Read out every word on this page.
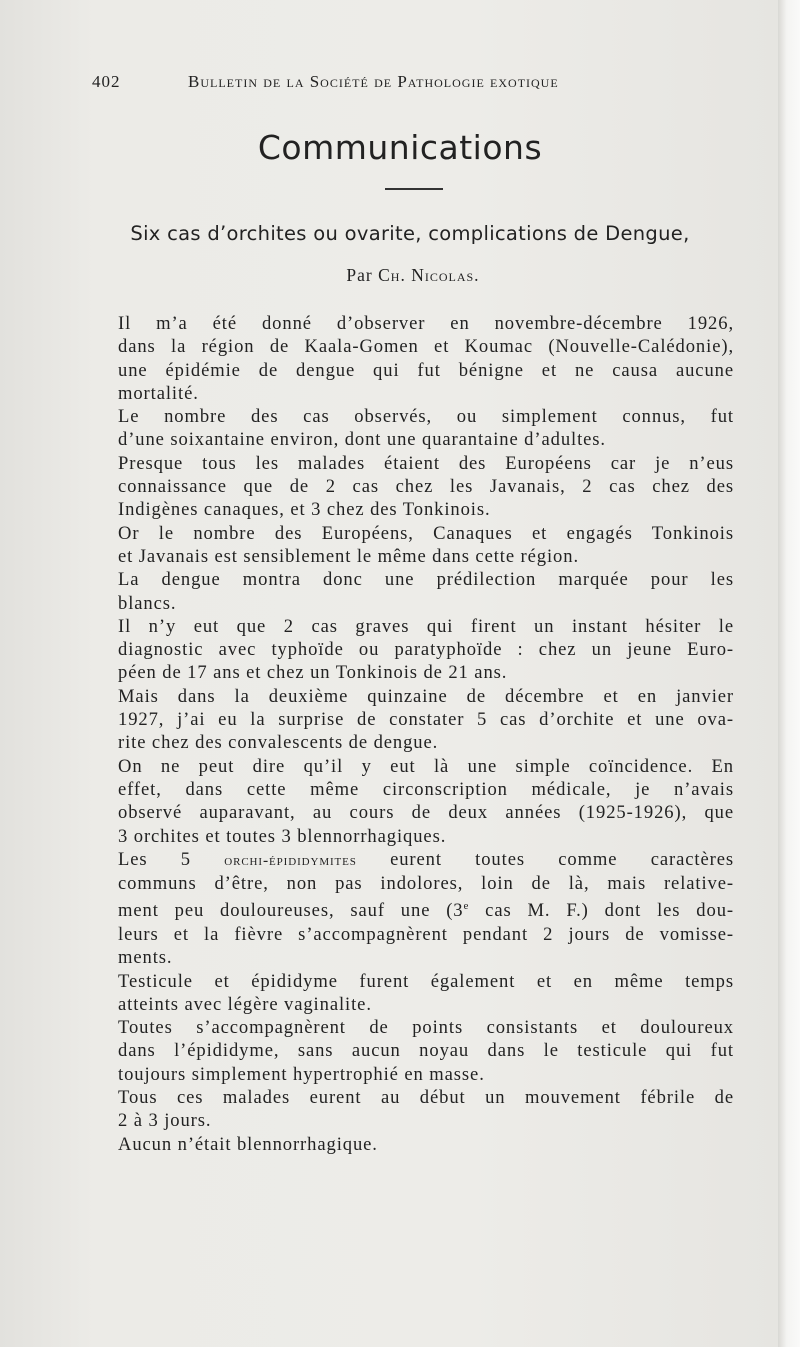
402	Bulletin de la Société de Pathologie exotique
Communications
Six cas d’orchites ou ovarite, complications de Dengue,
Par Ch. Nicolas.

Il m’a été donné d’observer en novembre-décembre 1926,
dans la région de Kaala-Gomen et Koumac (Nouvelle-Calédonie),
une épidémie de dengue qui fut bénigne et ne causa aucune
mortalité.

Le nombre des cas observés, ou simplement connus, fut
d’une soixantaine environ, dont une quarantaine d’adultes.

Presque tous les malades étaient des Européens car je n’eus
connaissance que de 2 cas chez les Javanais, 2 cas chez des
Indigènes canaques, et 3 chez des Tonkinois.

Or le nombre des Européens, Canaques et engagés Tonkinois
et Javanais est sensiblement le même dans cette région.

La dengue montra donc une prédilection marquée pour les
blancs.

Il n’y eut que 2 cas graves qui firent un instant hésiter le
diagnostic avec typhoïde ou paratyphoïde : chez un jeune Euro-
péen de 17 ans et chez un Tonkinois de 21 ans.

Mais dans la deuxième quinzaine de décembre et en janvier
1927, j’ai eu la surprise de constater 5 cas d’orchite et une ova-
rite chez des convalescents de dengue.

On ne peut dire qu’il y eut là une simple coïncidence. En
effet, dans cette même circonscription médicale, je n’avais
observé auparavant, au cours de deux années (1925-1926), que
3 orchites et toutes 3 blennorrhagiques.

Les 5 orchi-épididymites eurent toutes comme caractères
communs d’être, non pas indolores, loin de là, mais relative-
ment peu douloureuses, sauf une (3e cas M. F.) dont les dou-
leurs et la fièvre s’accompagnèrent pendant 2 jours de vomisse-
ments.

Testicule et épididyme furent également et en même temps
atteints avec légère vaginalite.

Toutes s’accompagnèrent de points consistants et douloureux
dans l’épididyme, sans aucun noyau dans le testicule qui fut
toujours simplement hypertrophié en masse.

Tous ces malades eurent au début un mouvement fébrile de
2 à 3 jours.

Aucun n’était blennorrhagique.
